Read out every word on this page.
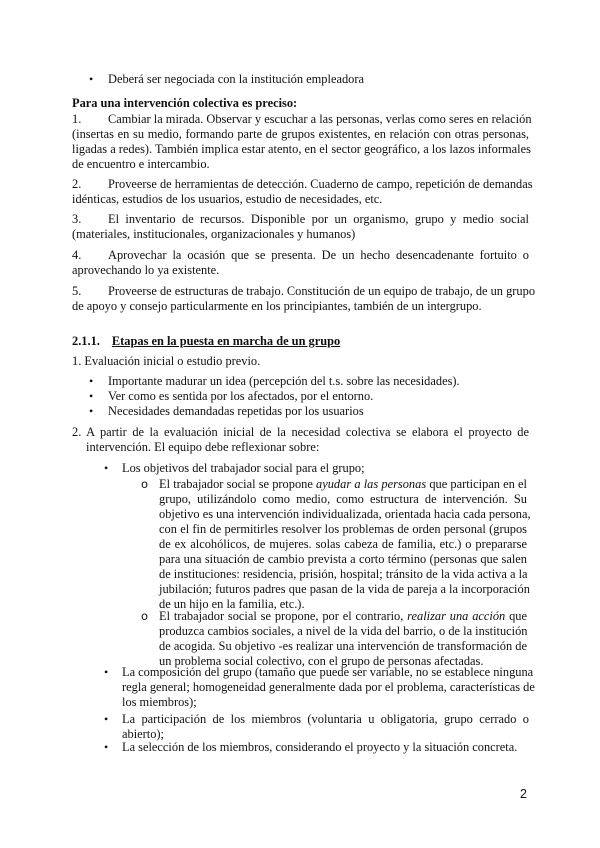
• Deberá ser negociada con la institución empleadora
Para una intervención colectiva es preciso:
1. Cambiar la mirada. Observar y escuchar a las personas, verlas como seres en relación
(insertas en su medio, formando parte de grupos existentes, en relación con otras personas,
ligadas a redes). También implica estar atento, en el sector geográfico, a los lazos informales
de encuentro e intercambio.
2. Proveerse de herramientas de detección. Cuaderno de campo, repetición de demandas
idénticas, estudios de los usuarios, estudio de necesidades, etc.
3. El inventario de recursos. Disponible por un organismo, grupo y medio social
(materiales, institucionales, organizacionales y humanos)
4. Aprovechar la ocasión que se presenta. De un hecho desencadenante fortuito o
aprovechando lo ya existente.
5. Proveerse de estructuras de trabajo. Constitución de un equipo de trabajo, de un grupo
de apoyo y consejo particularmente en los principiantes, también de un intergrupo.
2.1.1. Etapas en la puesta en marcha de un grupo
1. Evaluación inicial o estudio previo.
• Importante madurar un idea (percepción del t.s. sobre las necesidades).
• Ver como es sentida por los afectados, por el entorno.
• Necesidades demandadas repetidas por los usuarios
2. A partir de la evaluación inicial de la necesidad colectiva se elabora el proyecto de
intervención. El equipo debe reflexionar sobre:
• Los objetivos del trabajador social para el grupo;
o El trabajador social se propone ayudar a las personas que participan en el
grupo, utilizándolo como medio, como estructura de intervención. Su
objetivo es una intervención individualizada, orientada hacia cada persona,
con el fin de permitirles resolver los problemas de orden personal (grupos
de ex alcohólicos, de mujeres. solas cabeza de familia, etc.) o prepararse
para una situación de cambio prevista a corto término (personas que salen
de instituciones: residencia, prisión, hospital; tránsito de la vida activa a la
jubilación; futuros padres que pasan de la vida de pareja a la incorporación
de un hijo en la familia, etc.).
o El trabajador social se propone, por el contrario, realizar una acción que
produzca cambios sociales, a nivel de la vida del barrio, o de la institución
de acogida. Su objetivo -es realizar una intervención de transformación de
un problema social colectivo, con el grupo de personas afectadas.
• La composición del grupo (tamaño que puede ser variable, no se establece ninguna
regla general; homogeneidad generalmente dada por el problema, características de
los miembros);
• La participación de los miembros (voluntaria u obligatoria, grupo cerrado o
abierto);
• La selección de los miembros, considerando el proyecto y la situación concreta.
2
